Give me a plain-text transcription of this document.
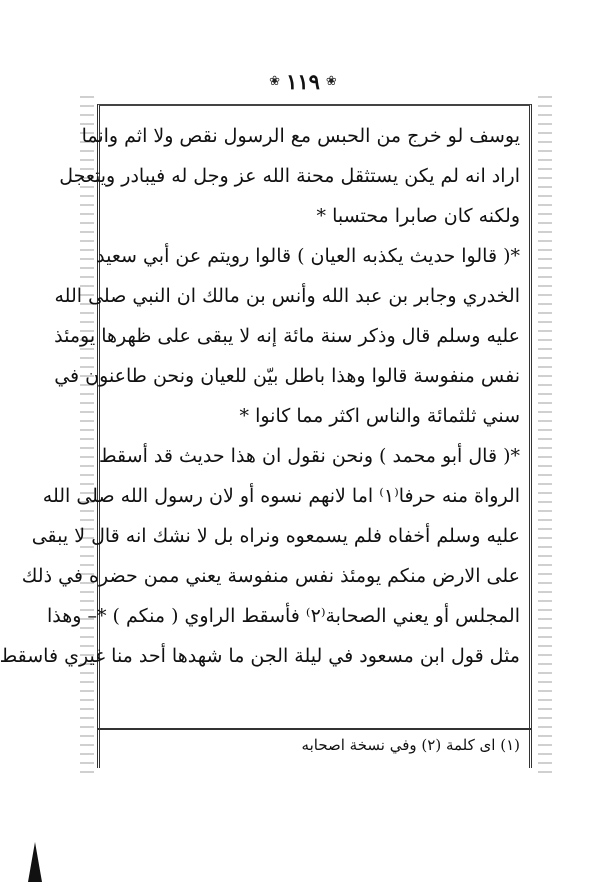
❀ ١١٩ ❀
يوسف لو خرج من الحبس مع الرسول نقص ولا اثم وانما
اراد انه لم يكن يستثقل محنة الله عز وجل له فيبادر ويتعجل
ولكنه كان صابرا محتسبا *
*( قالوا حديث يكذبه العيان ) قالوا رويتم عن أبي سعيد
الخدري وجابر بن عبد الله وأنس بن مالك ان النبي صلى الله
عليه وسلم قال وذكر سنة مائة إنه لا يبقى على ظهرها يومئذ
نفس منفوسة قالوا وهذا باطل بيّن للعيان ونحن طاعنون في
سني ثلثمائة والناس اكثر مما كانوا *
*( قال أبو محمد ) ونحن نقول ان هذا حديث قد أسقط
الرواة منه حرفا⁽١⁾ اما لانهم نسوه أو لان رسول الله صلى الله
عليه وسلم أخفاه فلم يسمعوه ونراه بل لا نشك انه قال لا يبقى
على الارض منكم يومئذ نفس منفوسة يعني ممن حضره في ذلك
المجلس أو يعني الصحابة⁽٢⁾ فأسقط الراوي ( منكم ) *– وهذا
مثل قول ابن مسعود في ليلة الجن ما شهدها أحد منا غيري فاسقط
(١) اى كلمة (٢) وفي نسخة اصحابه
